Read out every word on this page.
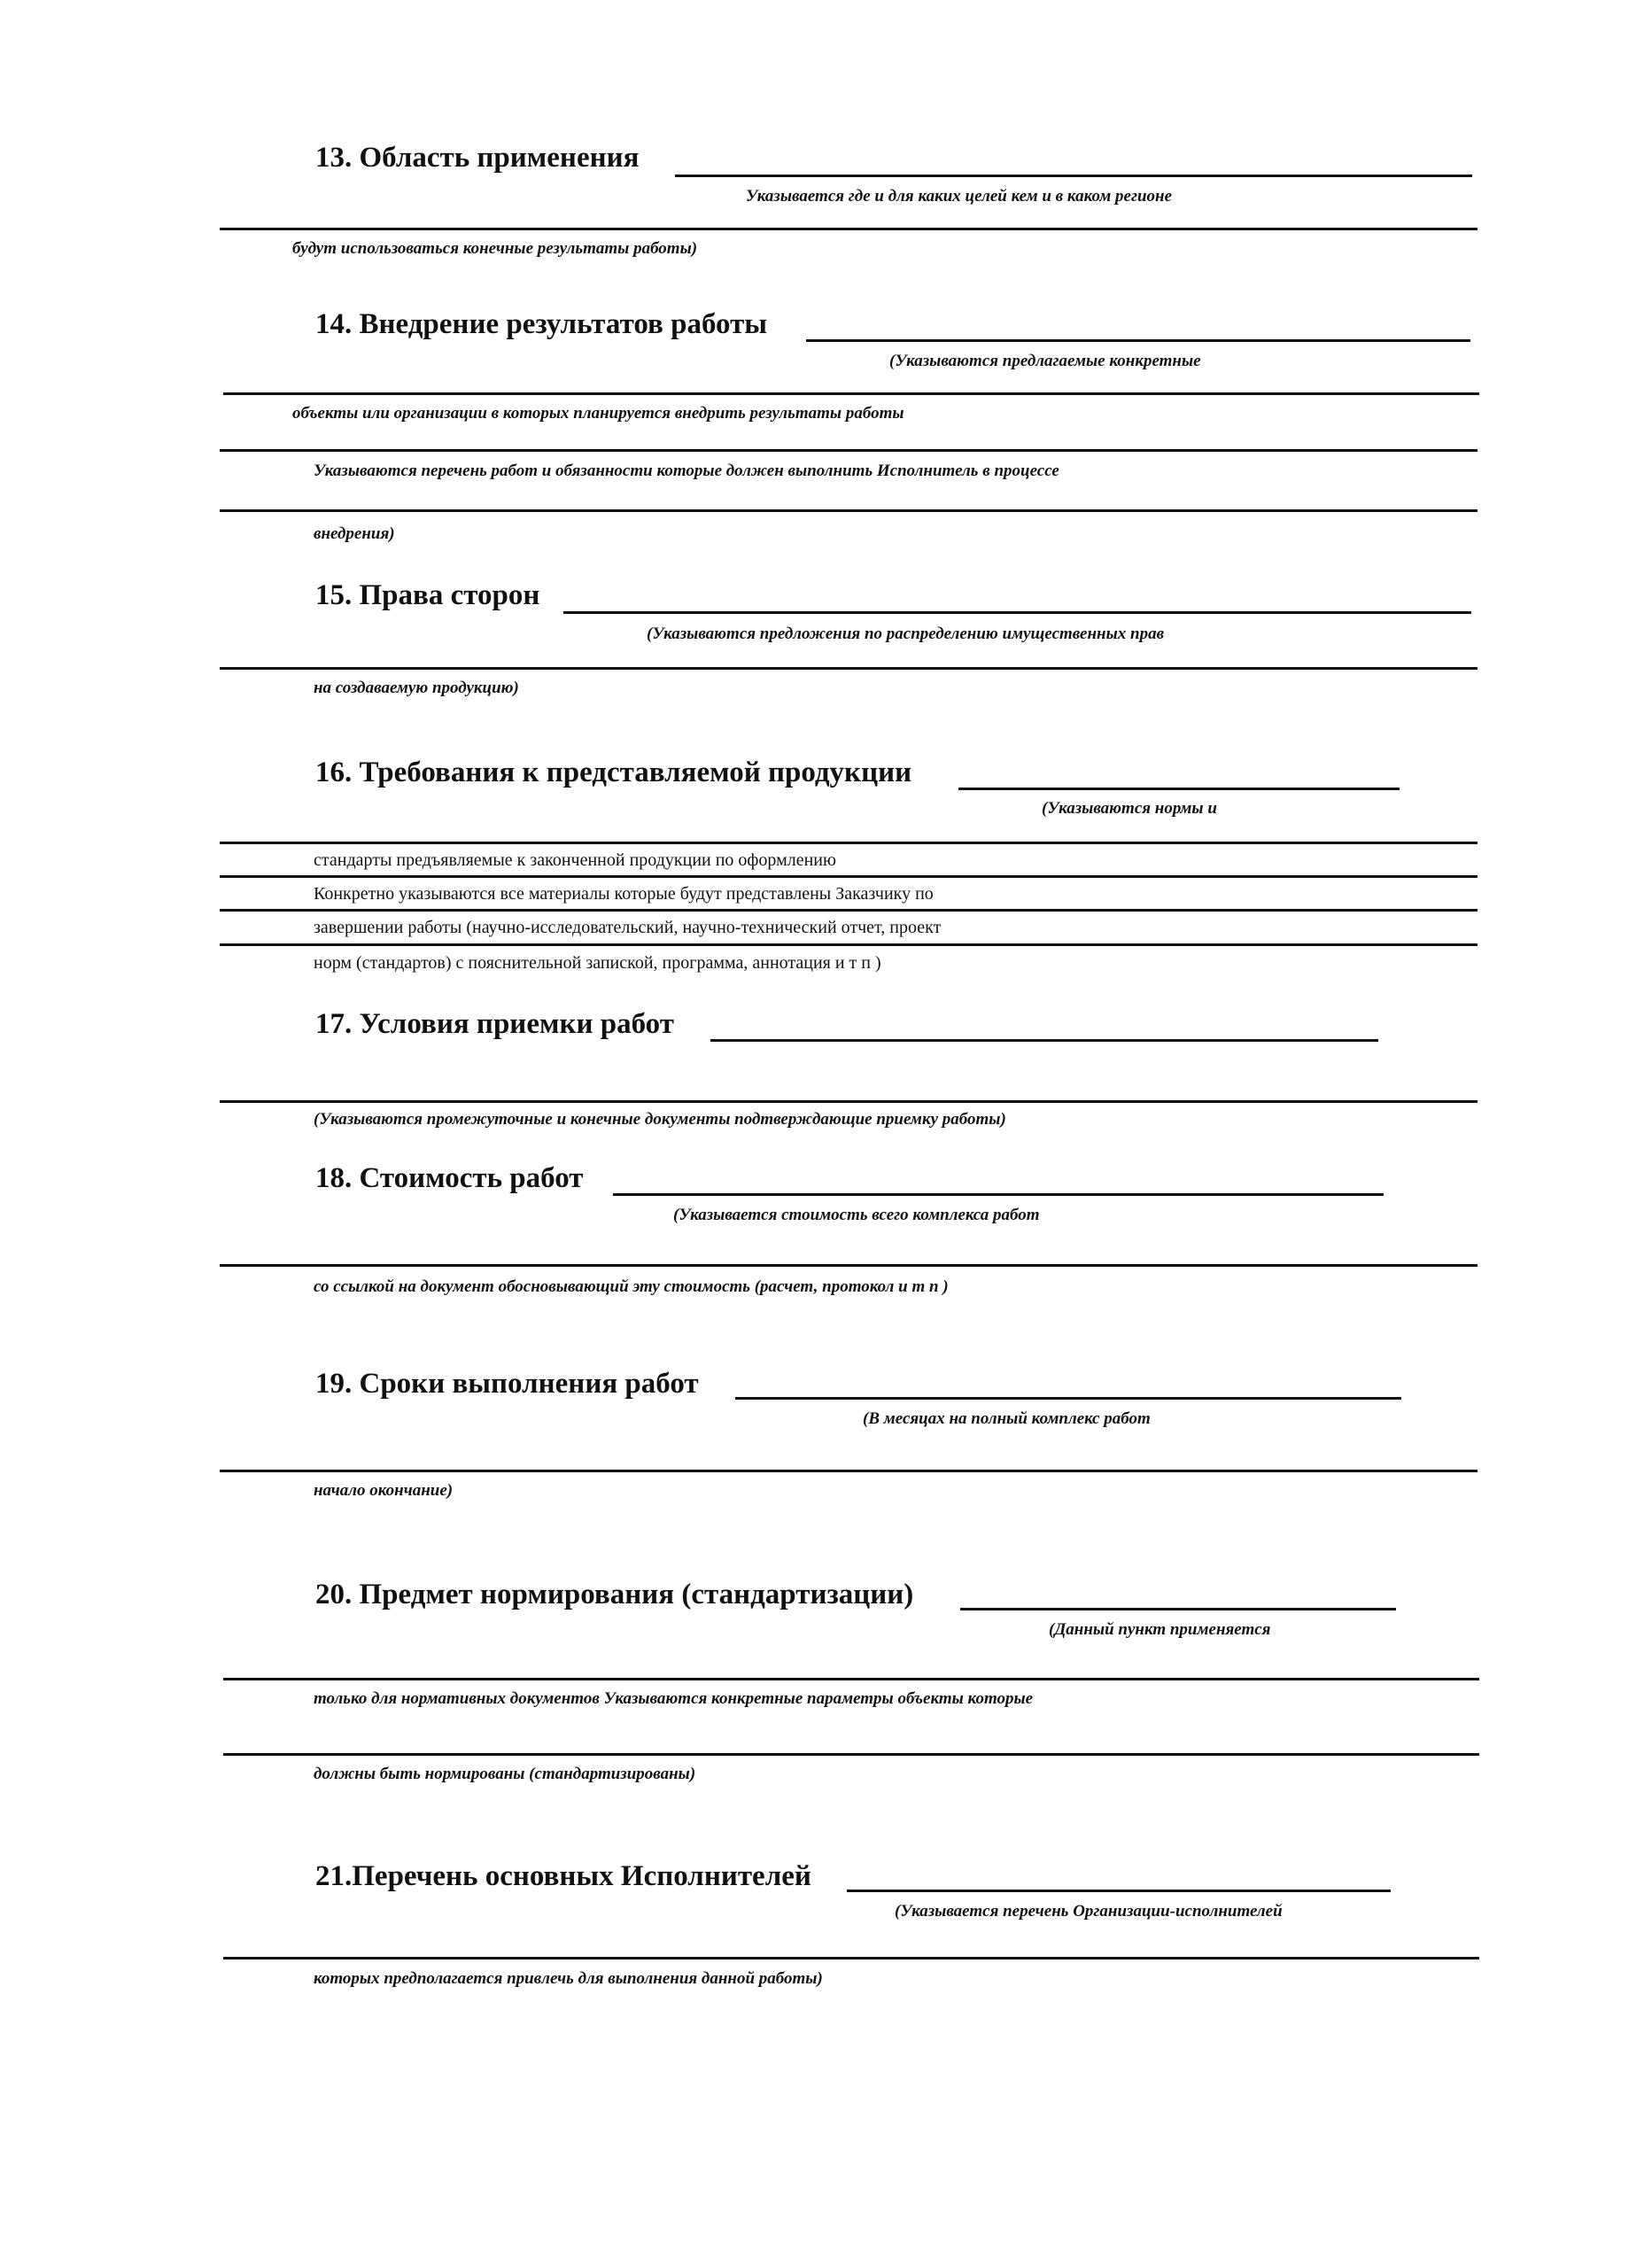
13. Область применения
Указывается где и для каких целей кем и в каком регионе
будут использоваться конечные результаты работы)
14. Внедрение результатов работы
(Указываются предлагаемые конкретные
объекты или организации в которых планируется внедрить результаты работы
Указываются перечень работ и обязанности которые должен выполнить Исполнитель в процессе
внедрения)
15. Права сторон
(Указываются предложения по распределению имущественных прав
на создаваемую продукцию)
16. Требования к представляемой продукции
(Указываются нормы и
стандарты предъявляемые к законченной продукции по оформлению
Конкретно указываются все материалы которые будут представлены Заказчику по
завершении работы (научно-исследовательский, научно-технический отчет, проект
норм (стандартов) с пояснительной запиской, программа, аннотация и т п )
17. Условия приемки работ
(Указываются промежуточные и конечные документы подтверждающие приемку работы)
18. Стоимость работ
(Указывается стоимость всего комплекса работ
со ссылкой на документ обосновывающий эту стоимость (расчет, протокол и т п )
19. Сроки выполнения работ
(В месяцах на полный комплекс работ
начало окончание)
20. Предмет нормирования (стандартизации)
(Данный пункт применяется
только для нормативных документов Указываются конкретные параметры объекты которые
должны быть нормированы (стандартизированы)
21.Перечень основных Исполнителей
(Указывается перечень Организации-исполнителей
которых предполагается привлечь для выполнения данной работы)
